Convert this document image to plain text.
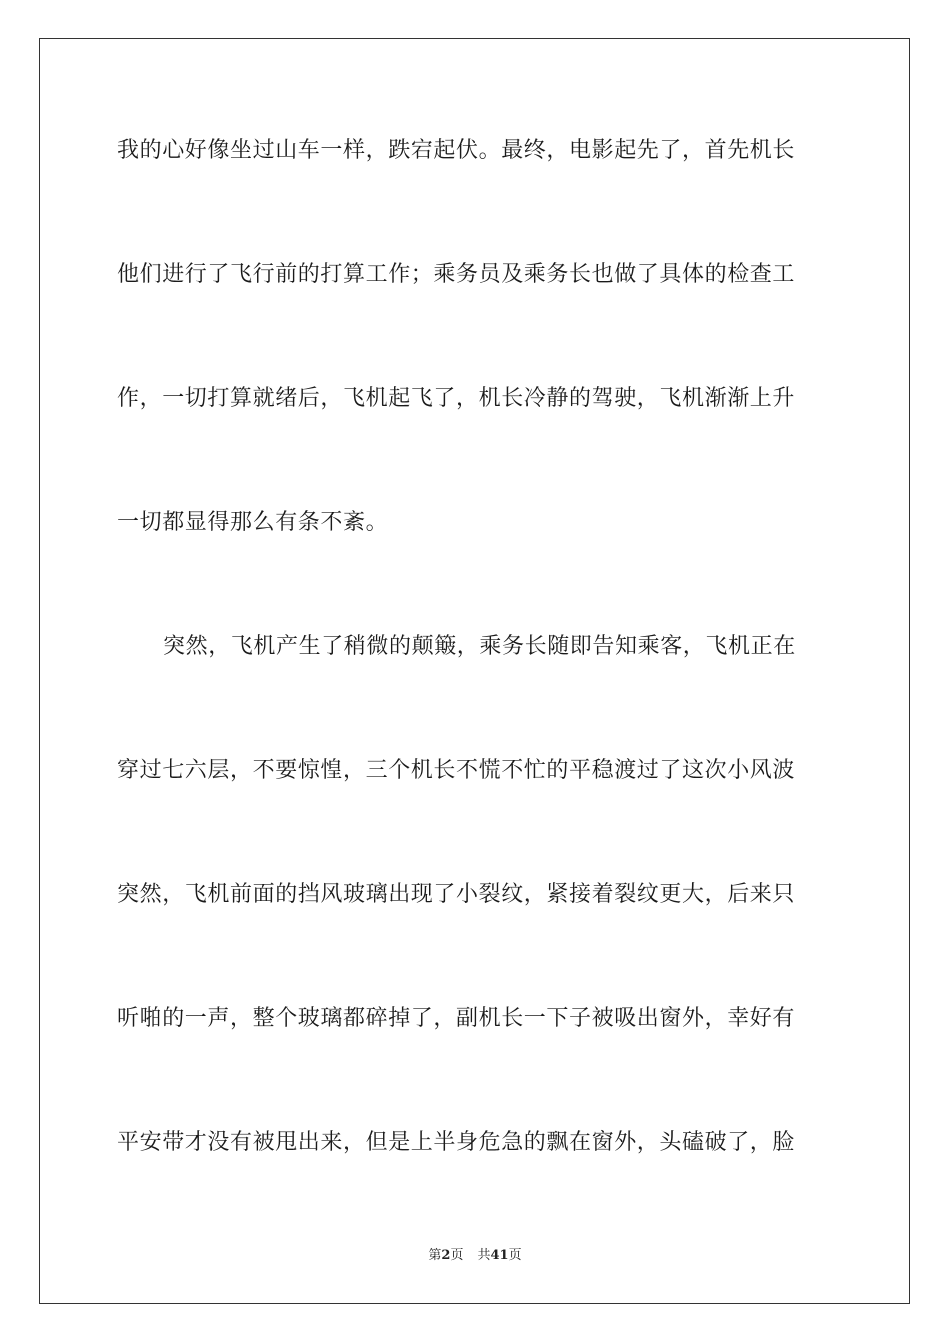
我的心好像坐过山车一样，跌宕起伏。最终，电影起先了，首先机长
他们进行了飞行前的打算工作；乘务员及乘务长也做了具体的检查工
作，一切打算就绪后，飞机起飞了，机长冷静的驾驶，飞机渐渐上升
一切都显得那么有条不紊。
突然，飞机产生了稍微的颠簸，乘务长随即告知乘客，飞机正在
穿过七六层，不要惊惶，三个机长不慌不忙的平稳渡过了这次小风波
突然，飞机前面的挡风玻璃出现了小裂纹，紧接着裂纹更大，后来只
听啪的一声，整个玻璃都碎掉了，副机长一下子被吸出窗外，幸好有
平安带才没有被甩出来，但是上半身危急的飘在窗外，头磕破了，脸
第2页 共41页
